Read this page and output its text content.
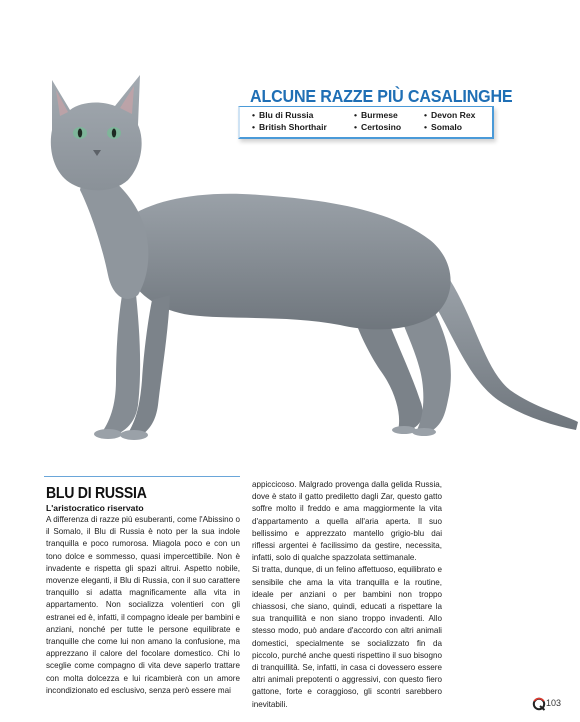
ALCUNE RAZZE PIÙ CASALINGHE
• Blu di Russia
• British Shorthair
• Burmese
• Certosino
• Devon Rex
• Somalo
BLU DI RUSSIA
L'aristocratico riservato

A differenza di razze più esuberanti, come l'Abissino o il Somalo, il Blu di Russia è noto per la sua indole tranquilla e poco rumorosa. Miagola poco e con un tono dolce e sommesso, quasi impercettibile. Non è invadente e rispetta gli spazi altrui. Aspetto nobile, movenze eleganti, il Blu di Russia, con il suo carattere tranquillo si adatta magnificamente alla vita in appartamento. Non socializza volentieri con gli estranei ed è, infatti, il compagno ideale per bambini e anziani, nonché per tutte le persone equilibrate e tranquille che come lui non amano la confusione, ma apprezzano il calore del focolare domestico. Chi lo sceglie come compagno di vita deve saperlo trattare con molta dolcezza e lui ricambierà con un amore incondizionato ed esclusivo, senza però essere mai

appiccicoso. Malgrado provenga dalla gelida Russia, dove è stato il gatto prediletto dagli Zar, questo gatto soffre molto il freddo e ama maggiormente la vita d'appartamento a quella all'aria aperta. Il suo bellissimo e apprezzato mantello grigio-blu dai riflessi argentei è facilissimo da gestire, necessita, infatti, solo di qualche spazzolata settimanale.

Si tratta, dunque, di un felino affettuoso, equilibrato e sensibile che ama la vita tranquilla e la routine, ideale per anziani o per bambini non troppo chiassosi, che siano, quindi, educati a rispettare la sua tranquillità e non siano troppo invadenti. Allo stesso modo, può andare d'accordo con altri animali domestici, specialmente se socializzato fin da piccolo, purché anche questi rispettino il suo bisogno di tranquillità. Se, infatti, in casa ci dovessero essere altri animali prepotenti o aggressivi, con questo fiero gattone, forte e coraggioso, gli scontri sarebbero inevitabili.	103
